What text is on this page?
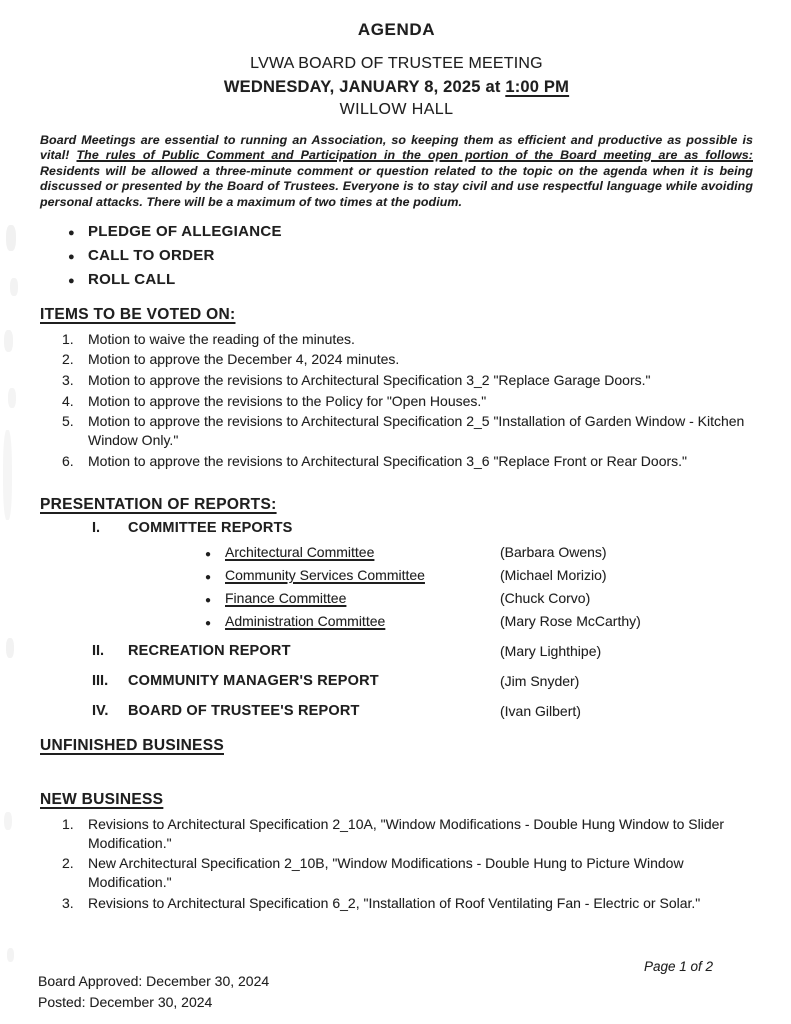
AGENDA
LVWA BOARD OF TRUSTEE MEETING
WEDNESDAY, JANUARY 8, 2025 at 1:00 PM
WILLOW HALL

Board Meetings are essential to running an Association, so keeping them as efficient and productive as possible is vital! The rules of Public Comment and Participation in the open portion of the Board meeting are as follows: Residents will be allowed a three-minute comment or question related to the topic on the agenda when it is being discussed or presented by the Board of Trustees. Everyone is to stay civil and use respectful language while avoiding personal attacks. There will be a maximum of two times at the podium.

● PLEDGE OF ALLEGIANCE
● CALL TO ORDER
● ROLL CALL
ITEMS TO BE VOTED ON:
1.	Motion to waive the reading of the minutes.
2.	Motion to approve the December 4, 2024 minutes.
3.	Motion to approve the revisions to Architectural Specification 3_2 "Replace Garage Doors."
4.	Motion to approve the revisions to the Policy for "Open Houses."
5.	Motion to approve the revisions to Architectural Specification 2_5 "Installation of Garden Window - Kitchen Window Only."
6.	Motion to approve the revisions to Architectural Specification 3_6 "Replace Front or Rear Doors."
PRESENTATION OF REPORTS:
I.	COMMITTEE REPORTS
● Architectural Committee	(Barbara Owens)
● Community Services Committee	(Michael Morizio)
● Finance Committee	(Chuck Corvo)
● Administration Committee	(Mary Rose McCarthy)
II.	RECREATION REPORT	(Mary Lighthipe)
III.	COMMUNITY MANAGER'S REPORT	(Jim Snyder)
IV.	BOARD OF TRUSTEE'S REPORT	(Ivan Gilbert)
UNFINISHED BUSINESS
NEW BUSINESS
1.	Revisions to Architectural Specification 2_10A, "Window Modifications - Double Hung Window to Slider Modification."
2.	New Architectural Specification 2_10B, "Window Modifications - Double Hung to Picture Window Modification."
3.	Revisions to Architectural Specification 6_2, "Installation of Roof Ventilating Fan - Electric or Solar."
Page 1 of 2
Board Approved: December 30, 2024
Posted: December 30, 2024
